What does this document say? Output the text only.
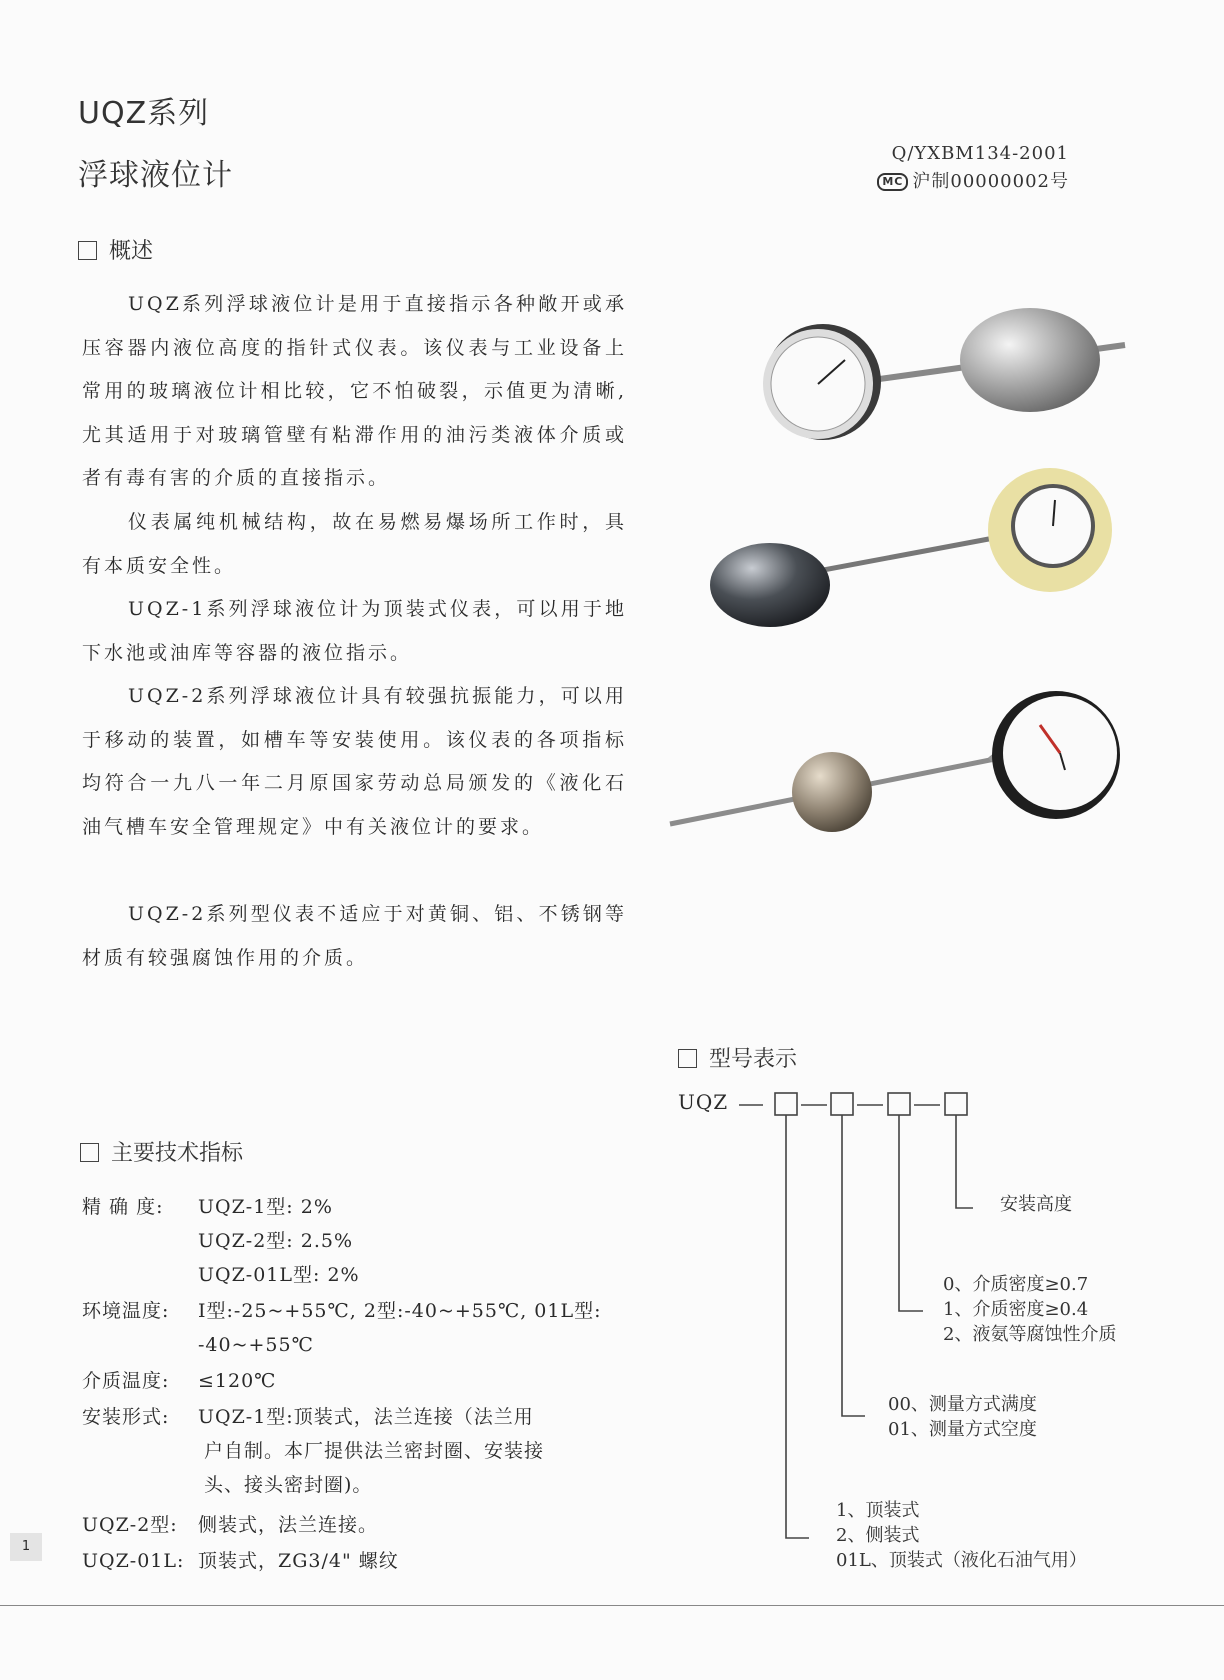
UQZ系列
浮球液位计
Q/YXBM134-2001
MC 沪制00000002号
概述
UQZ系列浮球液位计是用于直接指示各种敞开或承压容器内液位高度的指针式仪表。该仪表与工业设备上常用的玻璃液位计相比较，它不怕破裂，示值更为清晰,尤其适用于对玻璃管壁有粘滞作用的油污类液体介质或者有毒有害的介质的直接指示。
仪表属纯机械结构，故在易燃易爆场所工作时，具有本质安全性。
UQZ-1系列浮球液位计为顶装式仪表，可以用于地下水池或油库等容器的液位指示。
UQZ-2系列浮球液位计具有较强抗振能力，可以用于移动的装置，如槽车等安装使用。该仪表的各项指标均符合一九八一年二月原国家劳动总局颁发的《液化石油气槽车安全管理规定》中有关液位计的要求。
UQZ-2系列型仪表不适应于对黄铜、铝、不锈钢等材质有较强腐蚀作用的介质。
主要技术指标
精 确 度: UQZ-1型: 2%
UQZ-2型: 2.5%
UQZ-01L型: 2%
环境温度: I型:-25~+55℃, 2型:-40~+55℃, 01L型:
-40~+55℃
介质温度: ≤120℃
安装形式: UQZ-1型:顶装式，法兰连接（法兰用
户自制。本厂提供法兰密封圈、安装接
头、接头密封圈)。
UQZ-2型: 侧装式，法兰连接。
UQZ-01L: 顶装式，ZG3/4" 螺纹
型号表示
UQZ
安装高度
0、介质密度≥0.7
1、介质密度≥0.4
2、液氨等腐蚀性介质
00、测量方式满度
01、测量方式空度
1、顶装式
2、侧装式
01L、顶装式（液化石油气用）
1
